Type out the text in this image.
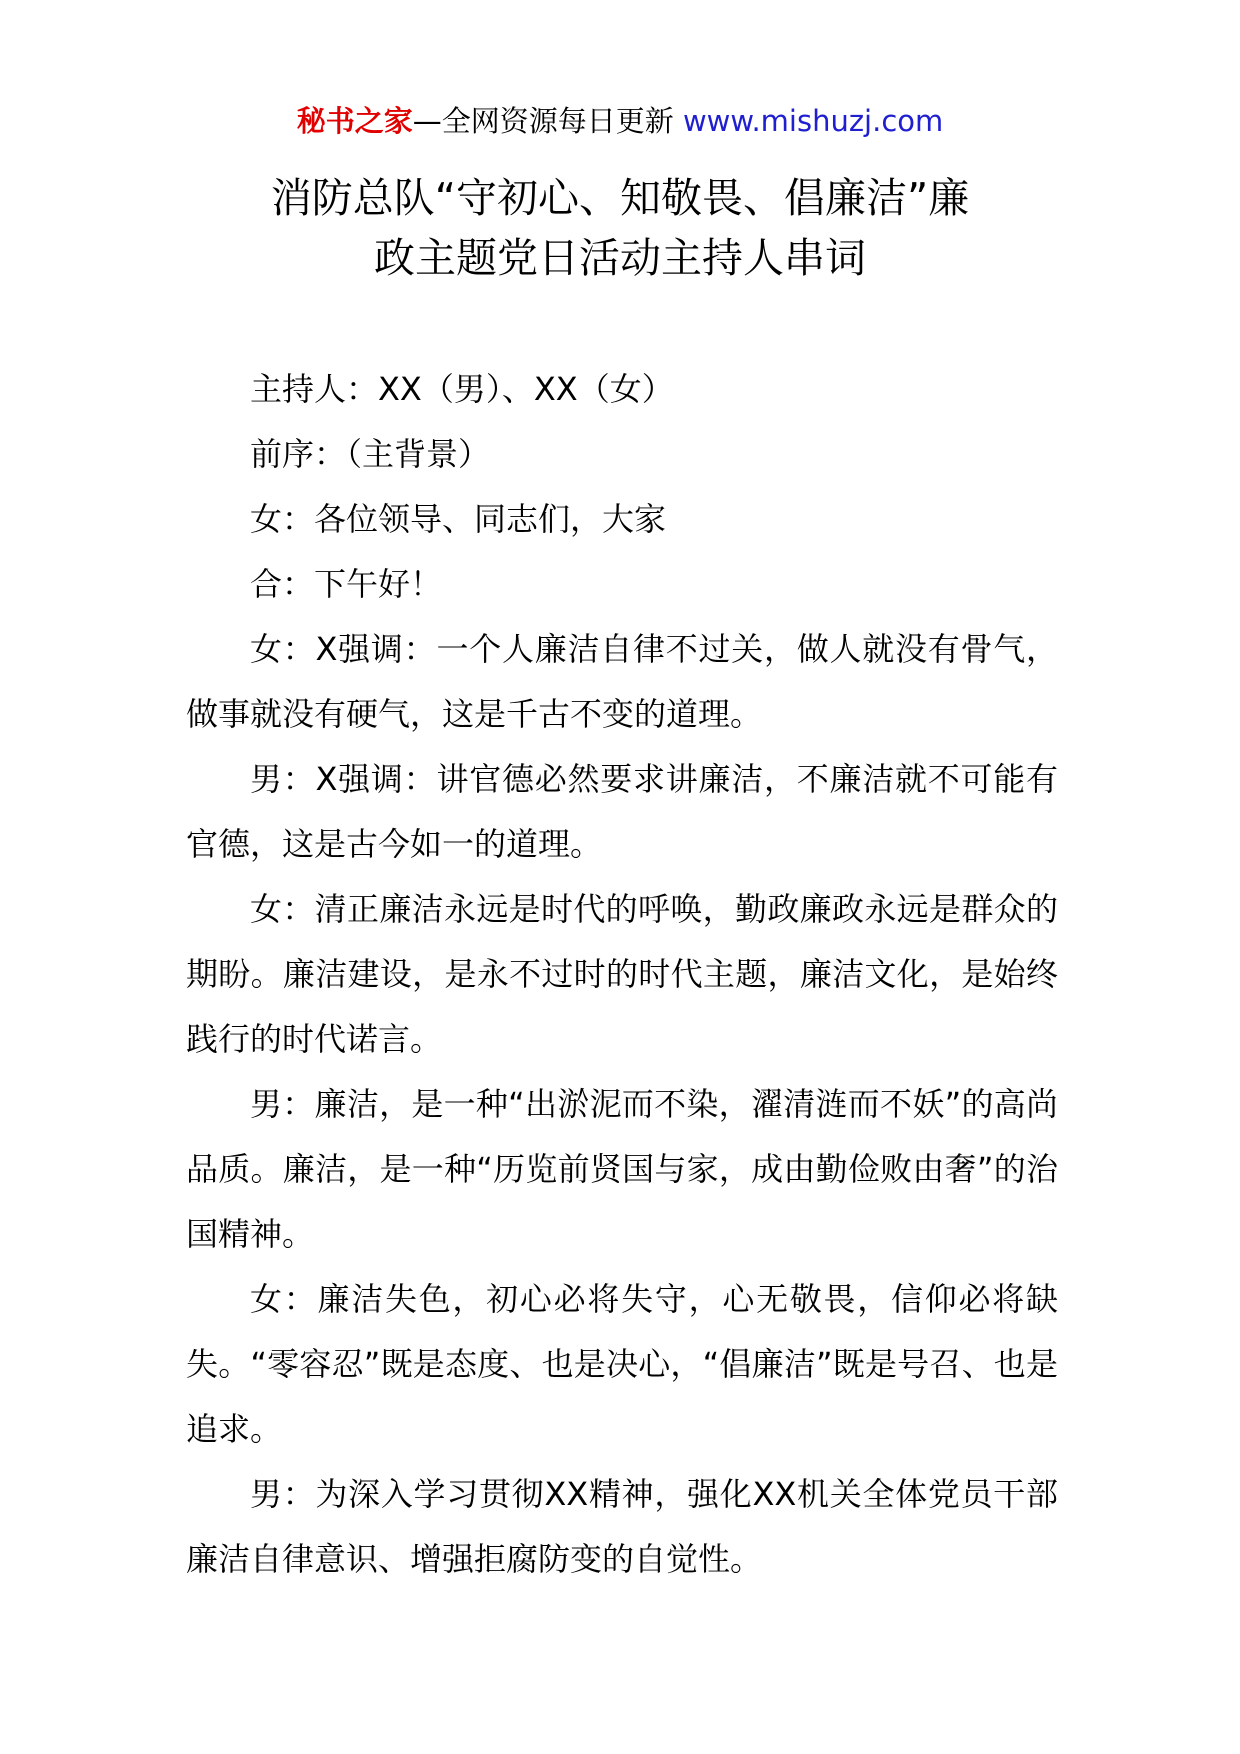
秘书之家—全网资源每日更新 www.mishuzj.com
消防总队“守初心、知敬畏、倡廉洁”廉
政主题党日活动主持人串词

主持人：XX（男）、XX（女）

前序：（主背景）

女：各位领导、同志们，大家

合：下午好！

女：X强调：一个人廉洁自律不过关，做人就没有骨气，做事就没有硬气，这是千古不变的道理。

男：X强调：讲官德必然要求讲廉洁，不廉洁就不可能有官德，这是古今如一的道理。

女：清正廉洁永远是时代的呼唤，勤政廉政永远是群众的期盼。廉洁建设，是永不过时的时代主题，廉洁文化，是始终践行的时代诺言。

男：廉洁，是一种“出淤泥而不染，濯清涟而不妖”的高尚品质。廉洁，是一种“历览前贤国与家，成由勤俭败由奢”的治国精神。

女：廉洁失色，初心必将失守，心无敬畏，信仰必将缺失。“零容忍”既是态度、也是决心，“倡廉洁”既是号召、也是追求。

男：为深入学习贯彻XX精神，强化XX机关全体党员干部廉洁自律意识、增强拒腐防变的自觉性。
